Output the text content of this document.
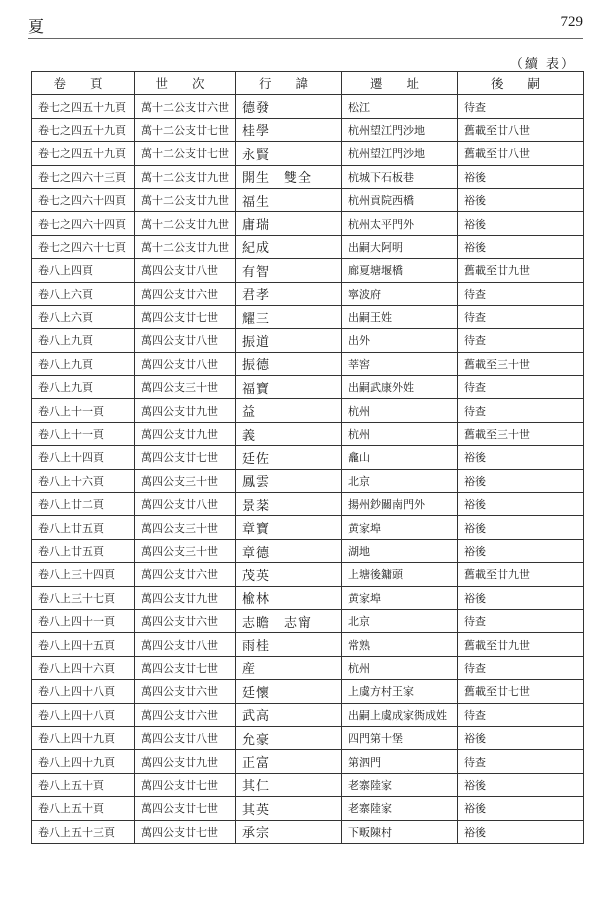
夏	729
（續 表）
卷 頁	世 次	行 諱	遷 址	後 嗣
卷七之四五十九頁	萬十二公支廿六世	德發	松江	待查
卷七之四五十九頁	萬十二公支廿七世	桂學	杭州望江門沙地	舊載至廿八世
卷七之四五十九頁	萬十二公支廿七世	永賢	杭州望江門沙地	舊載至廿八世
卷七之四六十三頁	萬十二公支廿九世	開生　雙全	杭城下石板巷	裕後
卷七之四六十四頁	萬十二公支廿九世	福生	杭州貢院西橋	裕後
卷七之四六十四頁	萬十二公支廿九世	庸瑞	杭州太平門外	裕後
卷七之四六十七頁	萬十二公支廿九世	紀成	出嗣大阿明	裕後
卷八上四頁	萬四公支廿八世	有智	廊夏塘堰橋	舊載至廿九世
卷八上六頁	萬四公支廿六世	君孝	寧波府	待查
卷八上六頁	萬四公支廿七世	耀三	出嗣王姓	待查
卷八上九頁	萬四公支廿八世	振道	出外	待查
卷八上九頁	萬四公支廿八世	振德	莘窖	舊載至三十世
卷八上九頁	萬四公支三十世	福寶	出嗣武康外姓	待查
卷八上十一頁	萬四公支廿九世	益	杭州	待查
卷八上十一頁	萬四公支廿九世	義	杭州	舊載至三十世
卷八上十四頁	萬四公支廿七世	廷佐	龕山	裕後
卷八上十六頁	萬四公支三十世	鳳雲	北京	裕後
卷八上廿二頁	萬四公支廿八世	景棻	揚州鈔關南門外	裕後
卷八上廿五頁	萬四公支三十世	章寶	黄家埠	裕後
卷八上廿五頁	萬四公支三十世	章德	湖地	裕後
卷八上三十四頁	萬四公支廿六世	茂英	上塘後鏞頭	舊載至廿九世
卷八上三十七頁	萬四公支廿九世	楡林	黄家埠	裕後
卷八上四十一頁	萬四公支廿六世	志瞻　志甯	北京	待查
卷八上四十五頁	萬四公支廿八世	雨桂	常熟	舊載至廿九世
卷八上四十六頁	萬四公支廿七世	産	杭州	待查
卷八上四十八頁	萬四公支廿六世	廷懷	上虞方村王家	舊載至廿七世
卷八上四十八頁	萬四公支廿六世	武高	出嗣上虞成家衖成姓	待查
卷八上四十九頁	萬四公支廿八世	允豪	四門第十堡	裕後
卷八上四十九頁	萬四公支廿九世	正富	第泗門	待查
卷八上五十頁	萬四公支廿七世	其仁	老寨陸家	裕後
卷八上五十頁	萬四公支廿七世	其英	老寨陸家	裕後
卷八上五十三頁	萬四公支廿七世	承宗	下畈陳村	裕後
